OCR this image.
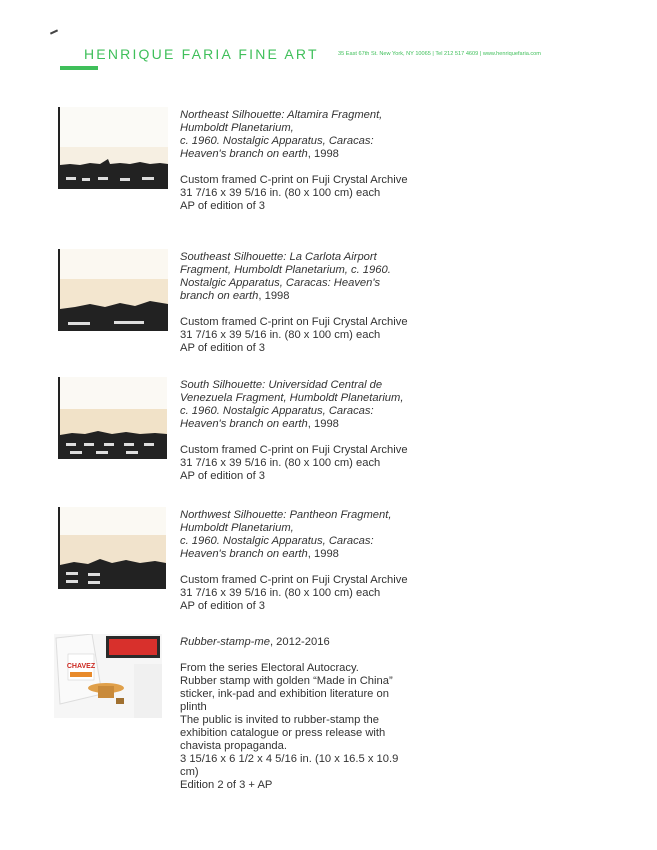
HENRIQUE FARIA FINE ART	35 East 67th St. New York, NY 10065 | Tel 212 517 4609 | www.henriquefaria.com
Northeast Silhouette: Altamira Fragment,
Humboldt Planetarium,
c. 1960. Nostalgic Apparatus, Caracas:
Heaven's branch on earth, 1998
Custom framed C-print on Fuji Crystal Archive
31 7/16 x 39 5/16 in. (80 x 100 cm) each
AP of edition of 3
Southeast Silhouette: La Carlota Airport
Fragment, Humboldt Planetarium, c. 1960.
Nostalgic Apparatus, Caracas: Heaven's
branch on earth, 1998
Custom framed C-print on Fuji Crystal Archive
31 7/16 x 39 5/16 in. (80 x 100 cm) each
AP of edition of 3
South Silhouette: Universidad Central de
Venezuela Fragment, Humboldt Planetarium,
c. 1960. Nostalgic Apparatus, Caracas:
Heaven's branch on earth, 1998
Custom framed C-print on Fuji Crystal Archive
31 7/16 x 39 5/16 in. (80 x 100 cm) each
AP of edition of 3
Northwest Silhouette: Pantheon Fragment,
Humboldt Planetarium,
c. 1960. Nostalgic Apparatus, Caracas:
Heaven's branch on earth, 1998
Custom framed C-print on Fuji Crystal Archive
31 7/16 x 39 5/16 in. (80 x 100 cm) each
AP of edition of 3
CHAVEZ
Rubber-stamp-me, 2012-2016
From the series Electoral Autocracy.
Rubber stamp with golden “Made in China”
sticker, ink-pad and exhibition literature on
plinth
The public is invited to rubber-stamp the
exhibition catalogue or press release with
chavista propaganda.
3 15/16 x 6 1/2 x 4 5/16 in. (10 x 16.5 x 10.9
cm)
Edition 2 of 3 + AP
